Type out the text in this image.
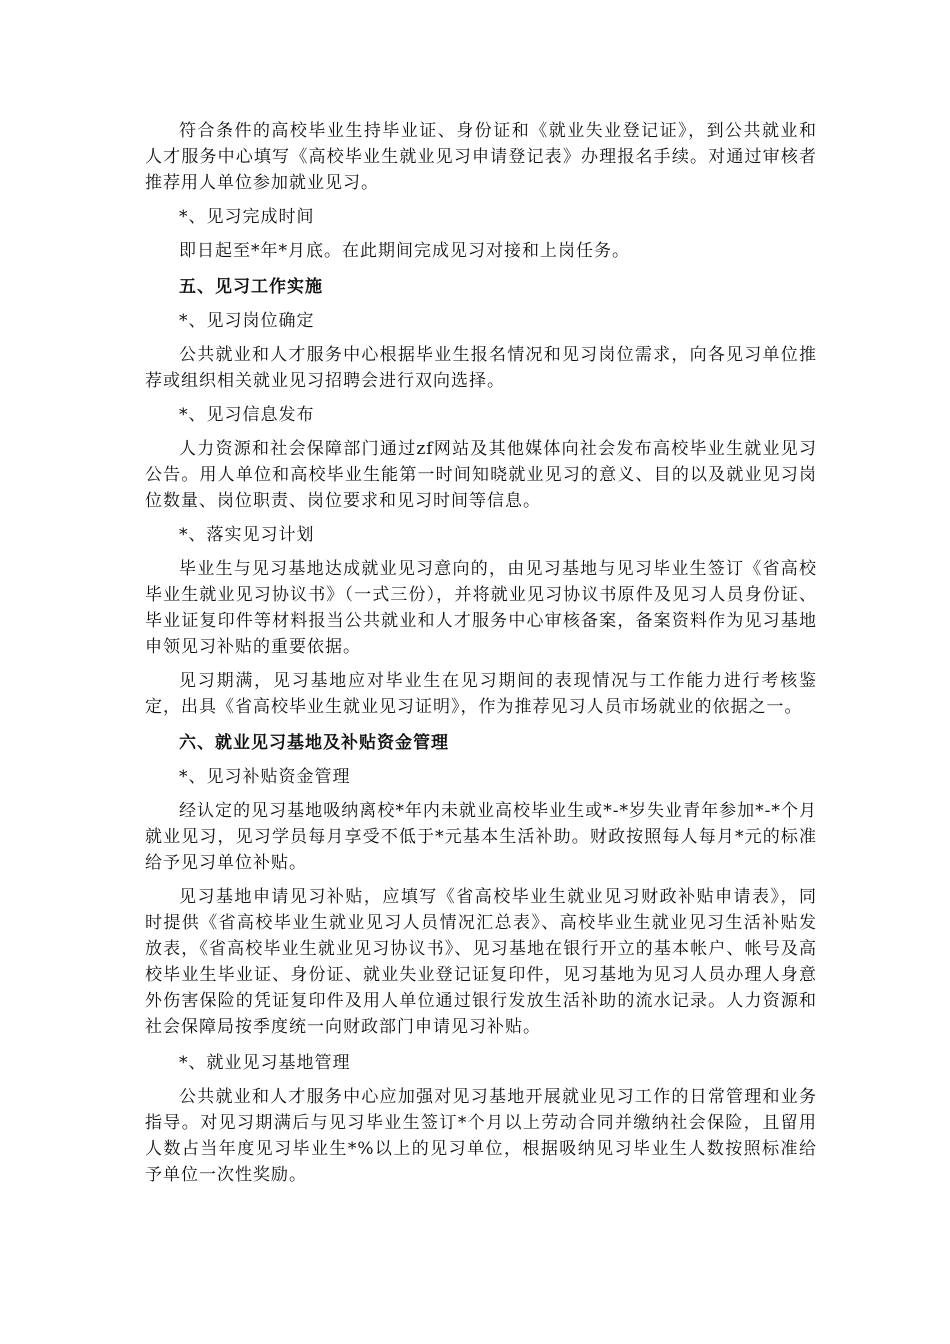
符合条件的高校毕业生持毕业证、身份证和《就业失业登记证》，到公共就业和人才服务中心填写《高校毕业生就业见习申请登记表》办理报名手续。对通过审核者推荐用人单位参加就业见习。

*、见习完成时间

即日起至*年*月底。在此期间完成见习对接和上岗任务。

五、见习工作实施

*、见习岗位确定

公共就业和人才服务中心根据毕业生报名情况和见习岗位需求，向各见习单位推荐或组织相关就业见习招聘会进行双向选择。

*、见习信息发布

人力资源和社会保障部门通过zf网站及其他媒体向社会发布高校毕业生就业见习公告。用人单位和高校毕业生能第一时间知晓就业见习的意义、目的以及就业见习岗位数量、岗位职责、岗位要求和见习时间等信息。

*、落实见习计划

毕业生与见习基地达成就业见习意向的，由见习基地与见习毕业生签订《省高校毕业生就业见习协议书》（一式三份），并将就业见习协议书原件及见习人员身份证、毕业证复印件等材料报当公共就业和人才服务中心审核备案，备案资料作为见习基地申领见习补贴的重要依据。

见习期满，见习基地应对毕业生在见习期间的表现情况与工作能力进行考核鉴定，出具《省高校毕业生就业见习证明》，作为推荐见习人员市场就业的依据之一。

六、就业见习基地及补贴资金管理

*、见习补贴资金管理

经认定的见习基地吸纳离校*年内未就业高校毕业生或*-*岁失业青年参加*-*个月就业见习，见习学员每月享受不低于*元基本生活补助。财政按照每人每月*元的标准给予见习单位补贴。

见习基地申请见习补贴，应填写《省高校毕业生就业见习财政补贴申请表》，同时提供《省高校毕业生就业见习人员情况汇总表》、高校毕业生就业见习生活补贴发放表，《省高校毕业生就业见习协议书》、见习基地在银行开立的基本帐户、帐号及高校毕业生毕业证、身份证、就业失业登记证复印件，见习基地为见习人员办理人身意外伤害保险的凭证复印件及用人单位通过银行发放生活补助的流水记录。人力资源和社会保障局按季度统一向财政部门申请见习补贴。

*、就业见习基地管理

公共就业和人才服务中心应加强对见习基地开展就业见习工作的日常管理和业务指导。对见习期满后与见习毕业生签订*个月以上劳动合同并缴纳社会保险，且留用人数占当年度见习毕业生*%以上的见习单位，根据吸纳见习毕业生人数按照标准给予单位一次性奖励。
